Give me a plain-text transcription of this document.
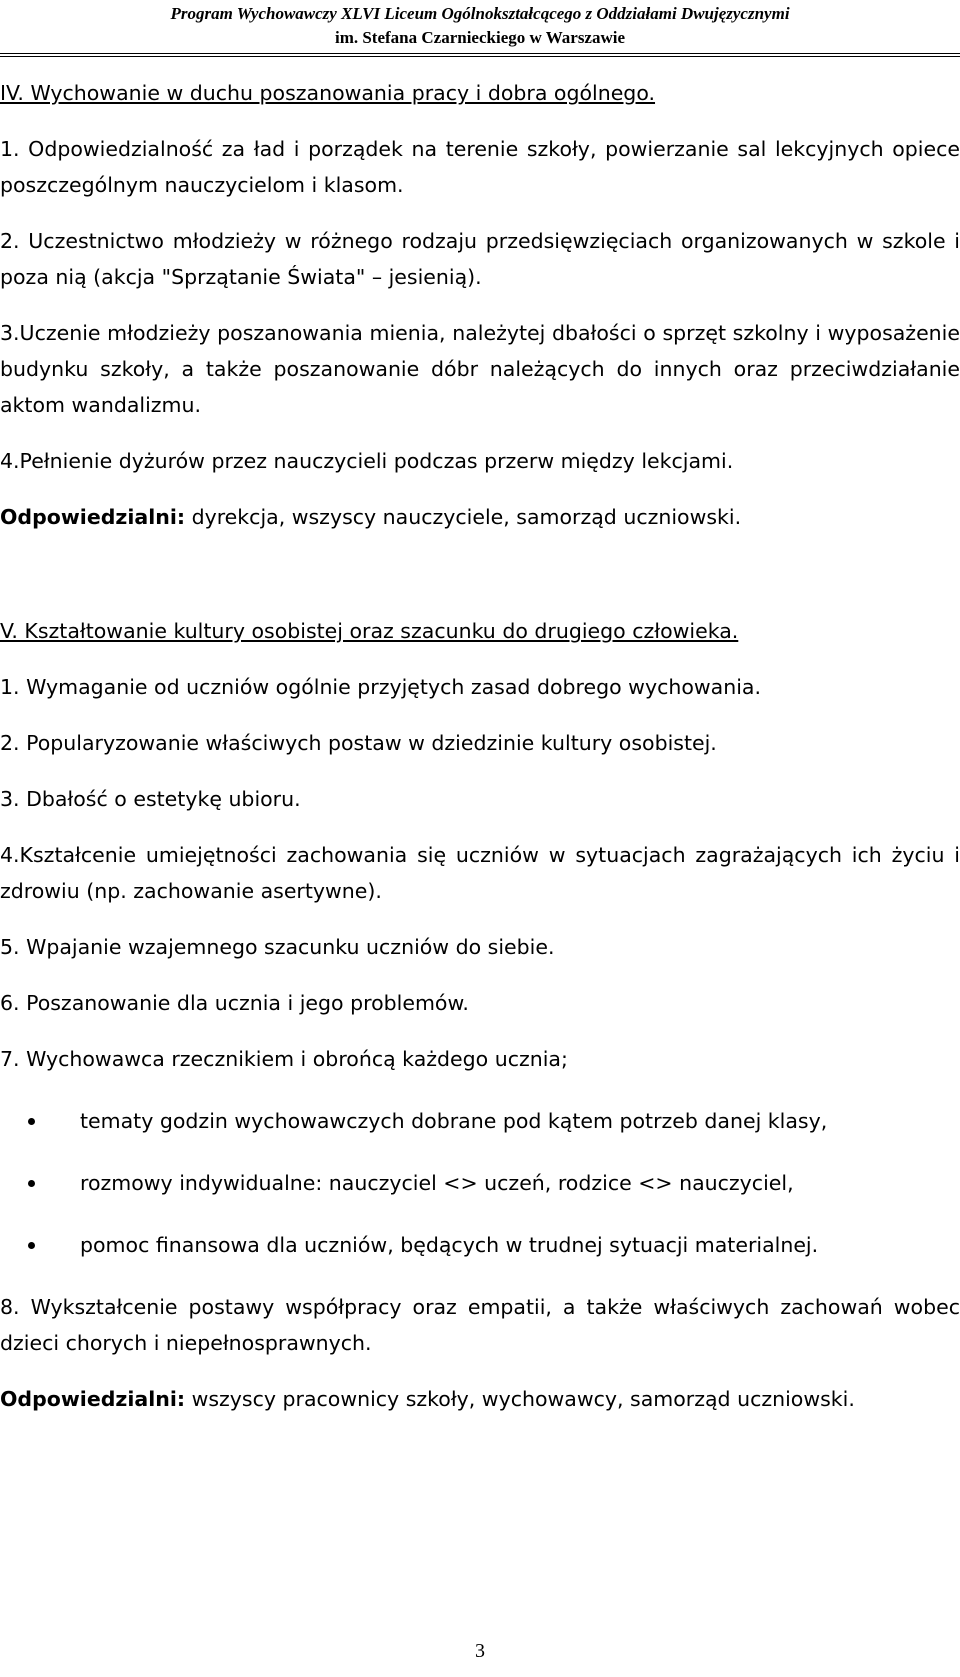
Program Wychowawczy XLVI Liceum Ogólnokształcącego z Oddziałami Dwujęzycznymi
im. Stefana Czarnieckiego w Warszawie

IV. Wychowanie w duchu poszanowania pracy i dobra ogólnego.

1. Odpowiedzialność za ład i porządek na terenie szkoły, powierzanie sal lekcyjnych opiece poszczególnym nauczycielom i klasom.

2. Uczestnictwo młodzieży w różnego rodzaju przedsięwzięciach organizowanych w szkole i poza nią (akcja "Sprzątanie Świata" – jesienią).

3.Uczenie młodzieży poszanowania mienia, należytej dbałości o sprzęt szkolny i wyposażenie budynku szkoły, a także poszanowanie dóbr należących do innych oraz przeciwdziałanie aktom wandalizmu.

4.Pełnienie dyżurów przez nauczycieli podczas przerw między lekcjami.

Odpowiedzialni: dyrekcja, wszyscy nauczyciele, samorząd uczniowski.

V. Kształtowanie kultury osobistej oraz szacunku do drugiego człowieka.

1. Wymaganie od uczniów ogólnie przyjętych zasad dobrego wychowania.

2. Popularyzowanie właściwych postaw w dziedzinie kultury osobistej.

3. Dbałość o estetykę ubioru.

4.Kształcenie umiejętności zachowania się uczniów w sytuacjach zagrażających ich życiu i zdrowiu (np. zachowanie asertywne).

5. Wpajanie wzajemnego szacunku uczniów do siebie.

6. Poszanowanie dla ucznia i jego problemów.

7. Wychowawca rzecznikiem i obrońcą każdego ucznia;

tematy godzin wychowawczych dobrane pod kątem potrzeb danej klasy,
rozmowy indywidualne: nauczyciel <> uczeń, rodzice <> nauczyciel,
pomoc finansowa dla uczniów, będących w trudnej sytuacji materialnej.

8. Wykształcenie postawy współpracy oraz empatii, a także właściwych zachowań wobec dzieci chorych i niepełnosprawnych.

Odpowiedzialni: wszyscy pracownicy szkoły, wychowawcy, samorząd uczniowski.

3
